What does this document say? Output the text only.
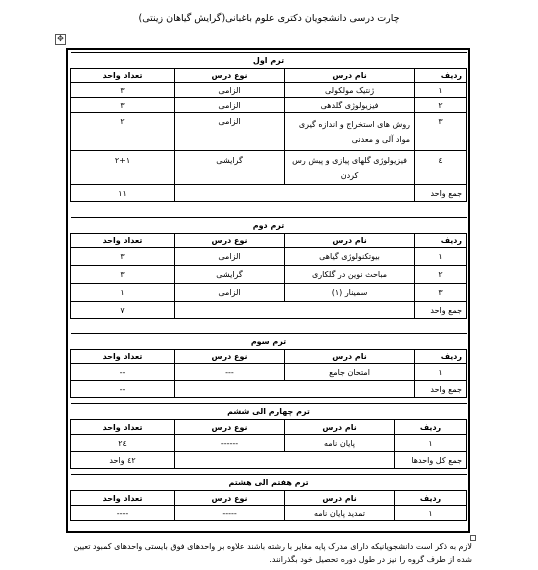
چارت درسی دانشجویان دکتری علوم باغبانی(گرایش گیاهان زینتی)
✥
ترم اول			
ردیف	نام درس	نوع درس	تعداد واحد
۱	ژنتیک مولکولی	الزامی	۳
۲	فیزیولوژی گلدهی	الزامی	۳
۳	روش های استخراج و اندازه گیری مواد آلی و معدنی	الزامی	۲
٤	فیزیولوژی گلهای پیازی و پیش رس کردن	گرایشی	۲+۱
جمع واحد			۱۱
ترم دوم			
ردیف	نام درس	نوع درس	تعداد واحد
۱	بیوتکنولوژی گیاهی	الزامی	۳
۲	مباحث نوین در گلکاری	گرایشی	۳
۳	سمینار (۱)	الزامی	۱
جمع واحد			۷
ترم سوم			
ردیف	نام درس	نوع درس	تعداد واحد
۱	امتحان جامع	---	--
جمع واحد			--
ترم چهارم الی ششم			
ردیف	نام درس	نوع درس	تعداد واحد
۱	پایان نامه	------	۲٤
جمع کل واحدها			٤۲ واحد
ترم هفتم الی هشتم			
ردیف	نام درس	نوع درس	تعداد واحد
۱	تمدید پایان نامه	-----	----
لازم به ذکر است دانشجویانیکه دارای مدرک پایه مغایر با رشته باشند علاوه بر واحدهای فوق بایستی واحدهای کمبود تعیین شده از طرف گروه را نیز در طول دوره تحصیل خود بگذرانند.
